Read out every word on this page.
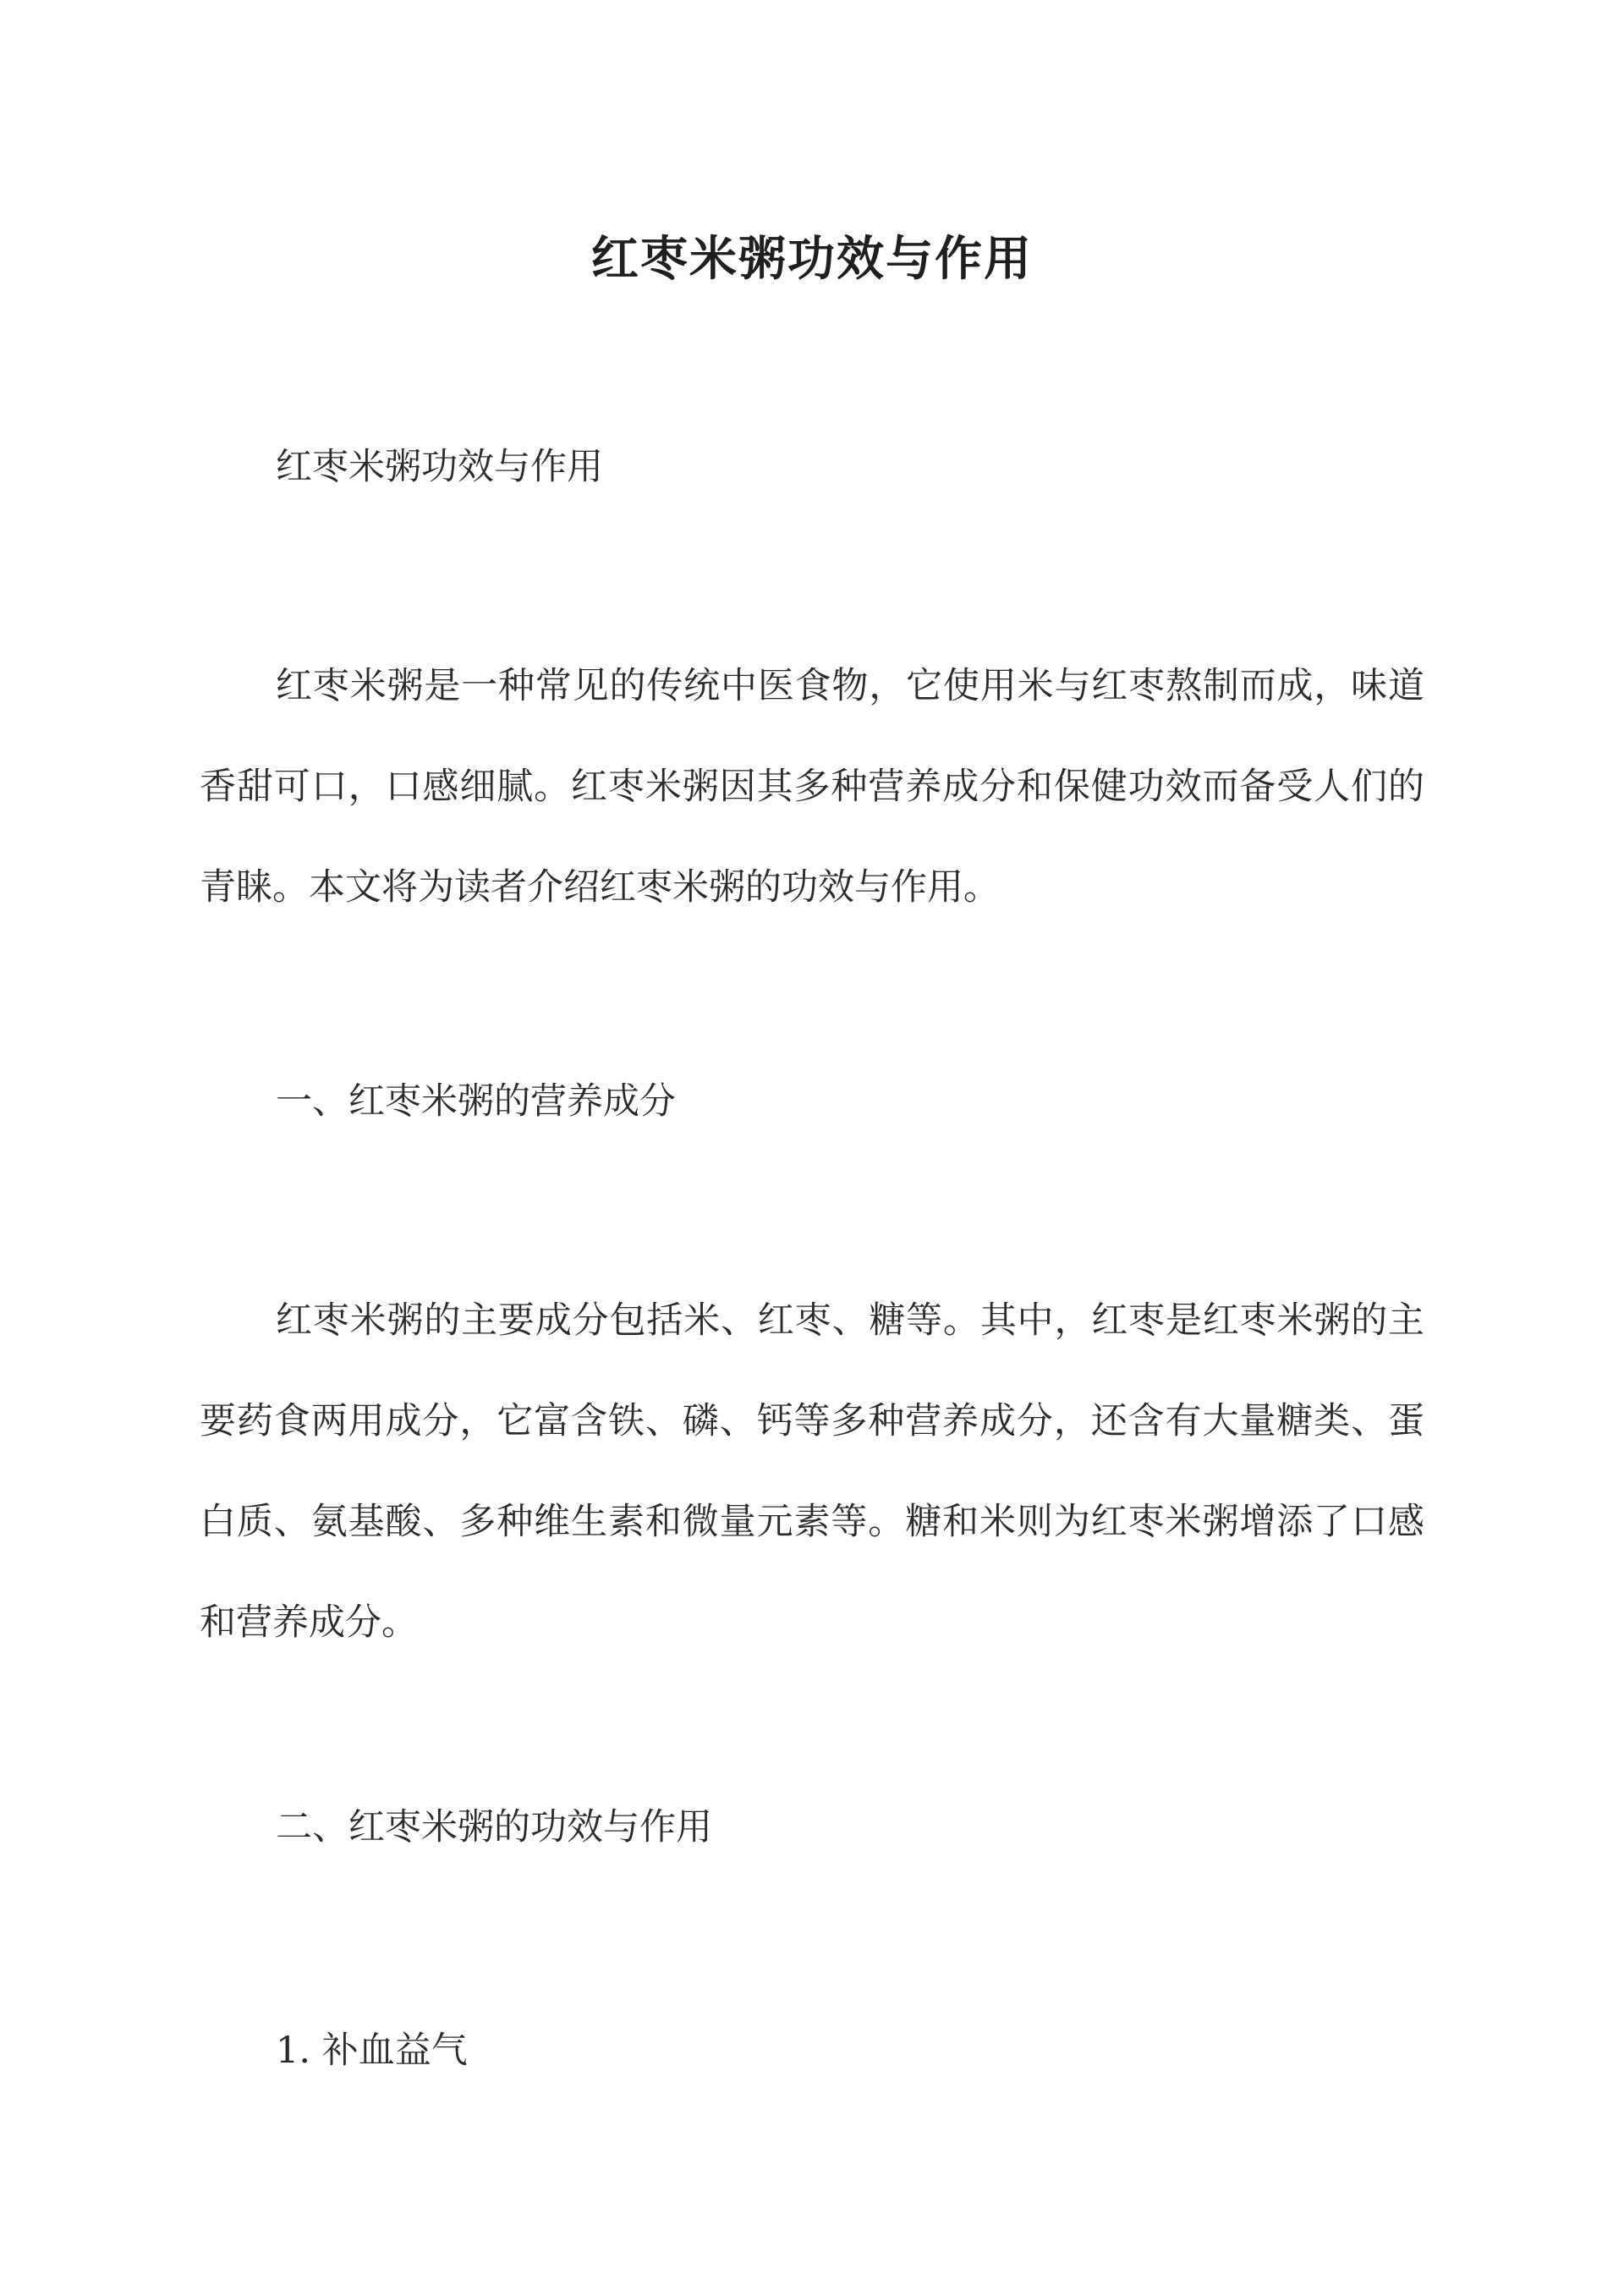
红枣米粥功效与作用

红枣米粥功效与作用

红枣米粥是一种常见的传统中医食物，它使用米与红枣熬制而成，味道香甜可口，口感细腻。红枣米粥因其多种营养成分和保健功效而备受人们的青睐。本文将为读者介绍红枣米粥的功效与作用。

一、红枣米粥的营养成分

红枣米粥的主要成分包括米、红枣、糖等。其中，红枣是红枣米粥的主要药食两用成分，它富含铁、磷、钙等多种营养成分，还含有大量糖类、蛋白质、氨基酸、多种维生素和微量元素等。糖和米则为红枣米粥增添了口感和营养成分。

二、红枣米粥的功效与作用

1. 补血益气
